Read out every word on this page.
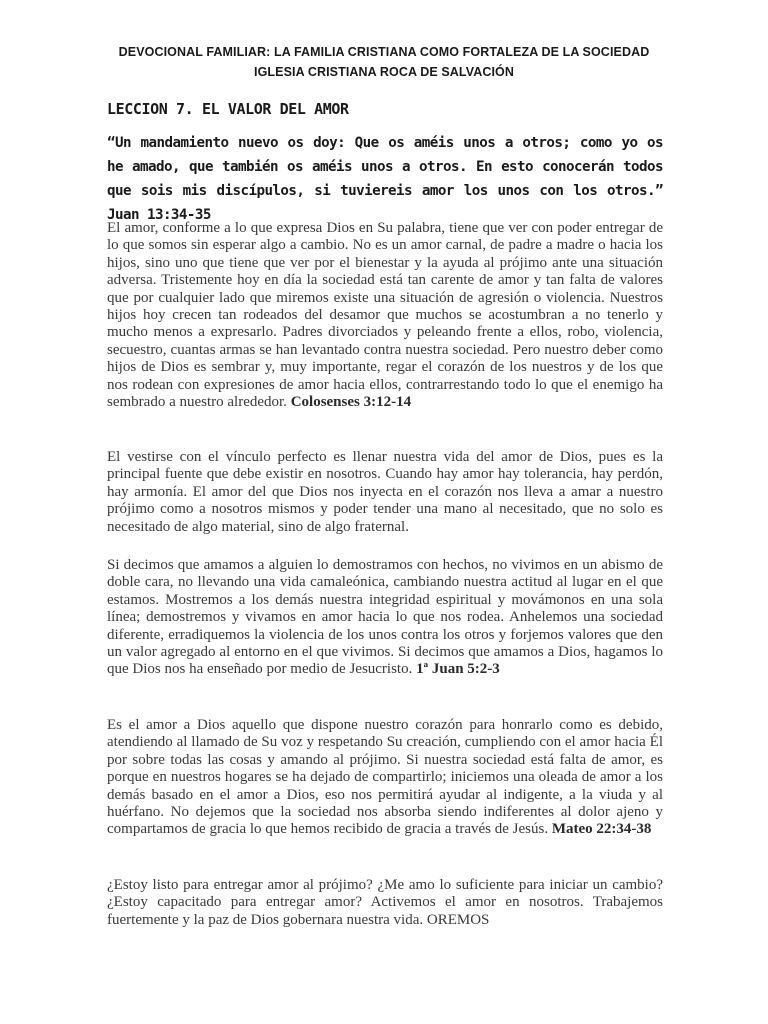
DEVOCIONAL FAMILIAR: LA FAMILIA CRISTIANA COMO FORTALEZA DE LA SOCIEDAD
IGLESIA CRISTIANA ROCA DE SALVACIÓN
LECCION 7. EL VALOR DEL AMOR
“Un mandamiento nuevo os doy: Que os améis unos a otros; como yo os he amado, que también os améis unos a otros. En esto conocerán todos que sois mis discípulos, si tuviereis amor los unos con los otros.” Juan 13:34-35
El amor, conforme a lo que expresa Dios en Su palabra, tiene que ver con poder entregar de lo que somos sin esperar algo a cambio. No es un amor carnal, de padre a madre o hacia los hijos, sino uno que tiene que ver por el bienestar y la ayuda al prójimo ante una situación adversa. Tristemente hoy en día la sociedad está tan carente de amor y tan falta de valores que por cualquier lado que miremos existe una situación de agresión o violencia. Nuestros hijos hoy crecen tan rodeados del desamor que muchos se acostumbran a no tenerlo y mucho menos a expresarlo. Padres divorciados y peleando frente a ellos, robo, violencia, secuestro, cuantas armas se han levantado contra nuestra sociedad. Pero nuestro deber como hijos de Dios es sembrar y, muy importante, regar el corazón de los nuestros y de los que nos rodean con expresiones de amor hacia ellos, contrarrestando todo lo que el enemigo ha sembrado a nuestro alrededor. Colosenses 3:12-14
El vestirse con el vínculo perfecto es llenar nuestra vida del amor de Dios, pues es la principal fuente que debe existir en nosotros. Cuando hay amor hay tolerancia, hay perdón, hay armonía. El amor del que Dios nos inyecta en el corazón nos lleva a amar a nuestro prójimo como a nosotros mismos y poder tender una mano al necesitado, que no solo es necesitado de algo material, sino de algo fraternal.
Si decimos que amamos a alguien lo demostramos con hechos, no vivimos en un abismo de doble cara, no llevando una vida camaleónica, cambiando nuestra actitud al lugar en el que estamos. Mostremos a los demás nuestra integridad espiritual y movámonos en una sola línea; demostremos y vivamos en amor hacia lo que nos rodea. Anhelemos una sociedad diferente, erradiquemos la violencia de los unos contra los otros y forjemos valores que den un valor agregado al entorno en el que vivimos. Si decimos que amamos a Dios, hagamos lo que Dios nos ha enseñado por medio de Jesucristo. 1ª Juan 5:2-3
Es el amor a Dios aquello que dispone nuestro corazón para honrarlo como es debido, atendiendo al llamado de Su voz y respetando Su creación, cumpliendo con el amor hacia Él por sobre todas las cosas y amando al prójimo. Si nuestra sociedad está falta de amor, es porque en nuestros hogares se ha dejado de compartirlo; iniciemos una oleada de amor a los demás basado en el amor a Dios, eso nos permitirá ayudar al indigente, a la viuda y al huérfano. No dejemos que la sociedad nos absorba siendo indiferentes al dolor ajeno y compartamos de gracia lo que hemos recibido de gracia a través de Jesús. Mateo 22:34-38
¿Estoy listo para entregar amor al prójimo? ¿Me amo lo suficiente para iniciar un cambio? ¿Estoy capacitado para entregar amor? Activemos el amor en nosotros. Trabajemos fuertemente y la paz de Dios gobernara nuestra vida. OREMOS
